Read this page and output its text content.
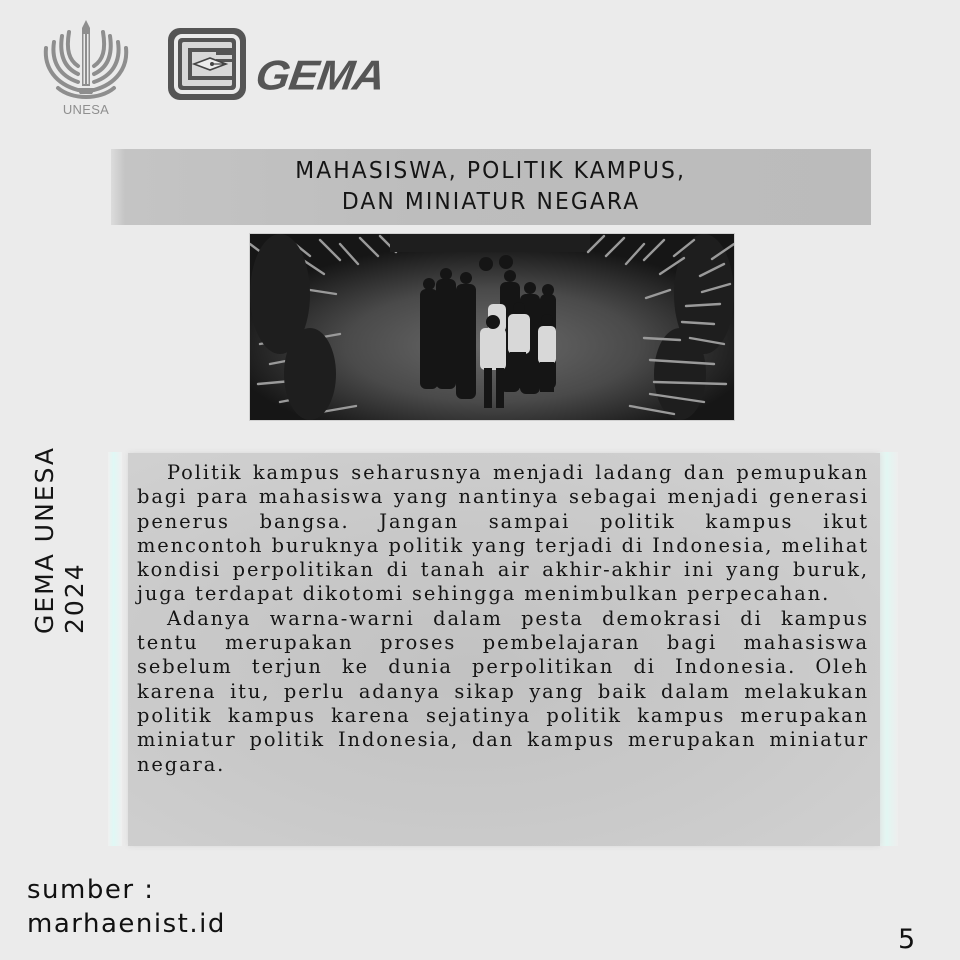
UNESA
GEMA
MAHASISWA, POLITIK KAMPUS,
DAN MINIATUR NEGARA
GEMA UNESA 2024

Politik kampus seharusnya menjadi ladang dan pemupukan bagi para mahasiswa yang nantinya sebagai menjadi generasi penerus bangsa. Jangan sampai politik kampus ikut mencontoh buruknya politik yang terjadi di Indonesia, melihat kondisi perpolitikan di tanah air akhir-akhir ini yang buruk, juga terdapat dikotomi sehingga menimbulkan perpecahan.

Adanya warna-warni dalam pesta demokrasi di kampus tentu merupakan proses pembelajaran bagi mahasiswa sebelum terjun ke dunia perpolitikan di Indonesia. Oleh karena itu, perlu adanya sikap yang baik dalam melakukan politik kampus karena sejatinya politik kampus merupakan miniatur politik Indonesia, dan kampus merupakan miniatur negara.

sumber :
marhaenist.id	5
